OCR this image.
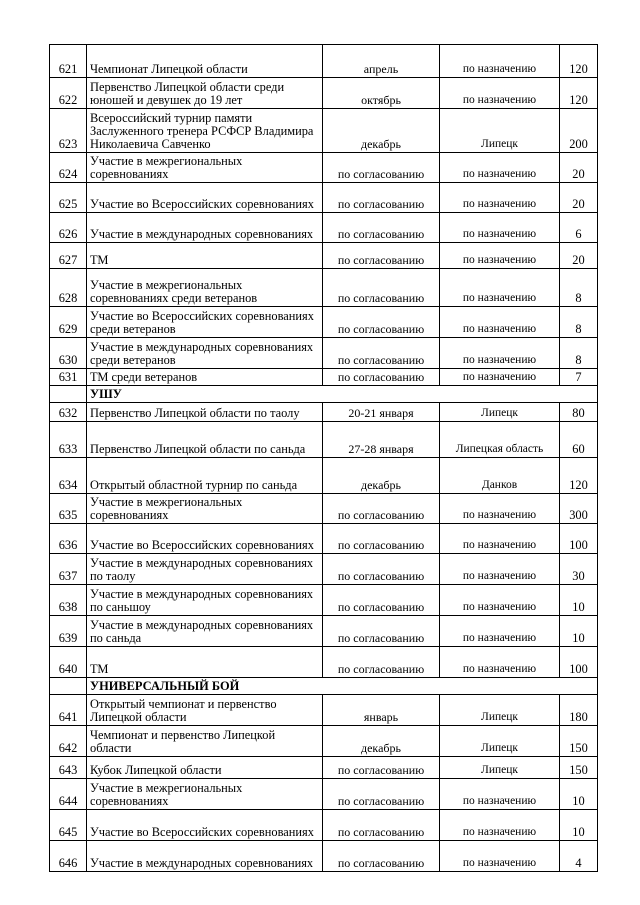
621	Чемпионат Липецкой области	апрель	по назначению	120
622	Первенство Липецкой области среди юношей и девушек до 19 лет	октябрь	по назначению	120
623	Всероссийский турнир памяти Заслуженного тренера РСФСР Владимира Николаевича Савченко	декабрь	Липецк	200
624	Участие в межрегиональных соревнованиях	по согласованию	по назначению	20
625	Участие во Всероссийских соревнованиях	по согласованию	по назначению	20
626	Участие в международных соревнованиях	по согласованию	по назначению	6
627	ТМ	по согласованию	по назначению	20
628	Участие в межрегиональных соревнованиях среди ветеранов	по согласованию	по назначению	8
629	Участие во Всероссийских соревнованиях среди ветеранов	по согласованию	по назначению	8
630	Участие в международных соревнованиях среди ветеранов	по согласованию	по назначению	8
631	ТМ среди ветеранов	по согласованию	по назначению	7
	УШУ			
632	Первенство Липецкой области по таолу	20-21 января	Липецк	80
633	Первенство Липецкой области по саньда	27-28 января	Липецкая область	60
634	Открытый областной турнир по саньда	декабрь	Данков	120
635	Участие в межрегиональных соревнованиях	по согласованию	по назначению	300
636	Участие во Всероссийских соревнованиях	по согласованию	по назначению	100
637	Участие в международных соревнованиях по таолу	по согласованию	по назначению	30
638	Участие в международных соревнованиях по саньшоу	по согласованию	по назначению	10
639	Участие в международных соревнованиях по саньда	по согласованию	по назначению	10
640	ТМ	по согласованию	по назначению	100
	УНИВЕРСАЛЬНЫЙ БОЙ			
641	Открытый чемпионат и первенство Липецкой области	январь	Липецк	180
642	Чемпионат и первенство Липецкой области	декабрь	Липецк	150
643	Кубок Липецкой области	по согласованию	Липецк	150
644	Участие в межрегиональных соревнованиях	по согласованию	по назначению	10
645	Участие во Всероссийских соревнованиях	по согласованию	по назначению	10
646	Участие в международных соревнованиях	по согласованию	по назначению	4
